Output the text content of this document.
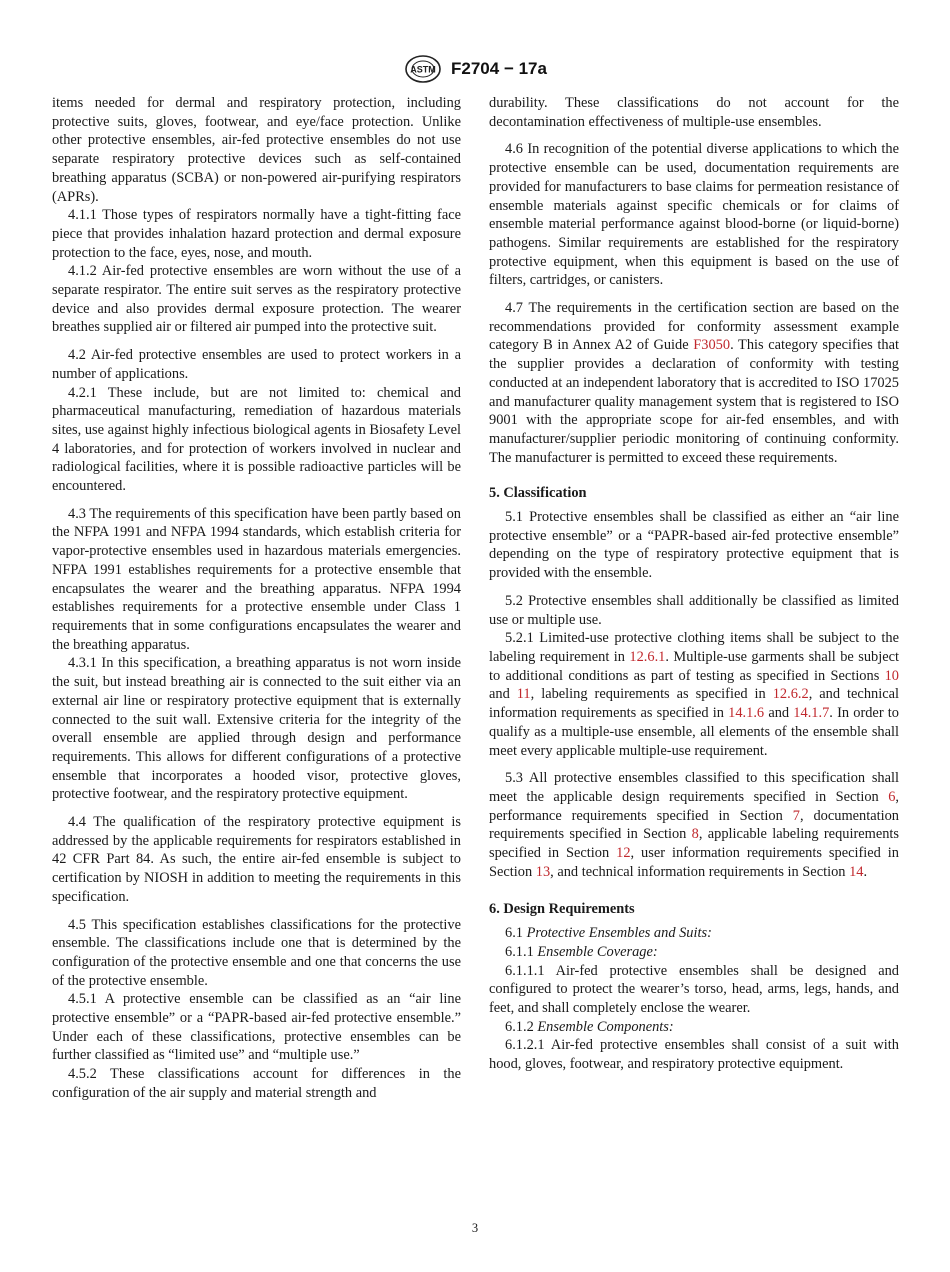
ASTM F2704 − 17a

items needed for dermal and respiratory protection, including protective suits, gloves, footwear, and eye/face protection. Unlike other protective ensembles, air-fed protective ensembles do not use separate respiratory protective devices such as self-contained breathing apparatus (SCBA) or non-powered air-purifying respirators (APRs).

4.1.1 Those types of respirators normally have a tight-fitting face piece that provides inhalation hazard protection and dermal exposure protection to the face, eyes, nose, and mouth.

4.1.2 Air-fed protective ensembles are worn without the use of a separate respirator. The entire suit serves as the respiratory protective device and also provides dermal exposure protection. The wearer breathes supplied air or filtered air pumped into the protective suit.

4.2 Air-fed protective ensembles are used to protect workers in a number of applications.

4.2.1 These include, but are not limited to: chemical and pharmaceutical manufacturing, remediation of hazardous materials sites, use against highly infectious biological agents in Biosafety Level 4 laboratories, and for protection of workers involved in nuclear and radiological facilities, where it is possible radioactive particles will be encountered.

4.3 The requirements of this specification have been partly based on the NFPA 1991 and NFPA 1994 standards, which establish criteria for vapor-protective ensembles used in hazardous materials emergencies. NFPA 1991 establishes requirements for a protective ensemble that encapsulates the wearer and the breathing apparatus. NFPA 1994 establishes requirements for a protective ensemble under Class 1 requirements that in some configurations encapsulates the wearer and the breathing apparatus.

4.3.1 In this specification, a breathing apparatus is not worn inside the suit, but instead breathing air is connected to the suit either via an external air line or respiratory protective equipment that is externally connected to the suit wall. Extensive criteria for the integrity of the overall ensemble are applied through design and performance requirements. This allows for different configurations of a protective ensemble that incorporates a hooded visor, protective gloves, protective footwear, and the respiratory protective equipment.

4.4 The qualification of the respiratory protective equipment is addressed by the applicable requirements for respirators established in 42 CFR Part 84. As such, the entire air-fed ensemble is subject to certification by NIOSH in addition to meeting the requirements in this specification.

4.5 This specification establishes classifications for the protective ensemble. The classifications include one that is determined by the configuration of the protective ensemble and one that concerns the use of the protective ensemble.

4.5.1 A protective ensemble can be classified as an “air line protective ensemble” or a “PAPR-based air-fed protective ensemble.” Under each of these classifications, protective ensembles can be further classified as “limited use” and “multiple use.”

4.5.2 These classifications account for differences in the configuration of the air supply and material strength and

durability. These classifications do not account for the decontamination effectiveness of multiple-use ensembles.

4.6 In recognition of the potential diverse applications to which the protective ensemble can be used, documentation requirements are provided for manufacturers to base claims for permeation resistance of ensemble materials against specific chemicals or for claims of ensemble material performance against blood-borne (or liquid-borne) pathogens. Similar requirements are established for the respiratory protective equipment, when this equipment is based on the use of filters, cartridges, or canisters.

4.7 The requirements in the certification section are based on the recommendations provided for conformity assessment example category B in Annex A2 of Guide F3050. This category specifies that the supplier provides a declaration of conformity with testing conducted at an independent laboratory that is accredited to ISO 17025 and manufacturer quality management system that is registered to ISO 9001 with the appropriate scope for air-fed ensembles, and with manufacturer/supplier periodic monitoring of continuing conformity. The manufacturer is permitted to exceed these requirements.

5. Classification

5.1 Protective ensembles shall be classified as either an “air line protective ensemble” or a “PAPR-based air-fed protective ensemble” depending on the type of respiratory protective equipment that is provided with the ensemble.

5.2 Protective ensembles shall additionally be classified as limited use or multiple use.

5.2.1 Limited-use protective clothing items shall be subject to the labeling requirement in 12.6.1. Multiple-use garments shall be subject to additional conditions as part of testing as specified in Sections 10 and 11, labeling requirements as specified in 12.6.2, and technical information requirements as specified in 14.1.6 and 14.1.7. In order to qualify as a multiple-use ensemble, all elements of the ensemble shall meet every applicable multiple-use requirement.

5.3 All protective ensembles classified to this specification shall meet the applicable design requirements specified in Section 6, performance requirements specified in Section 7, documentation requirements specified in Section 8, applicable labeling requirements specified in Section 12, user information requirements specified in Section 13, and technical information requirements in Section 14.

6. Design Requirements

6.1 Protective Ensembles and Suits:

6.1.1 Ensemble Coverage:

6.1.1.1 Air-fed protective ensembles shall be designed and configured to protect the wearer’s torso, head, arms, legs, hands, and feet, and shall completely enclose the wearer.

6.1.2 Ensemble Components:

6.1.2.1 Air-fed protective ensembles shall consist of a suit with hood, gloves, footwear, and respiratory protective equipment.

3
